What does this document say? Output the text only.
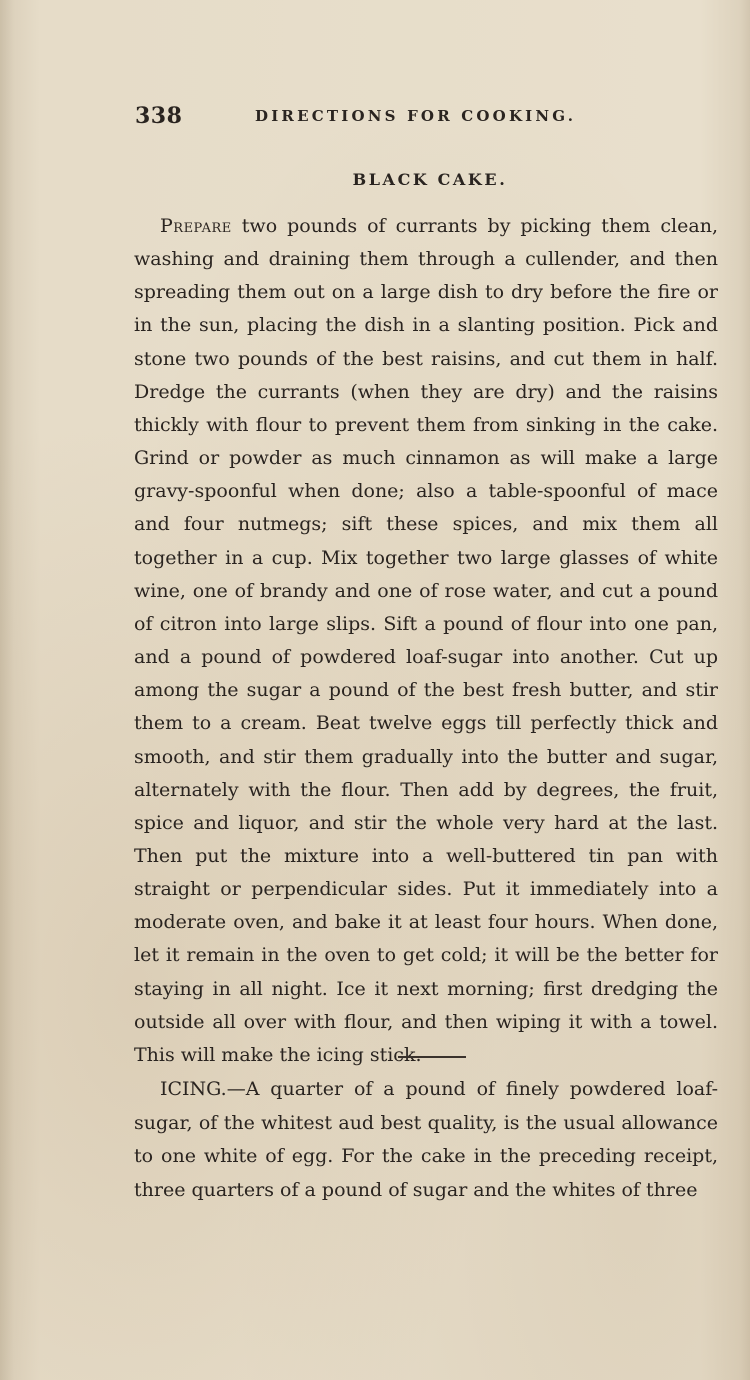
338	DIRECTIONS FOR COOKING.
BLACK CAKE.

Prepare two pounds of currants by picking them clean, washing and draining them through a cullender, and then spreading them out on a large dish to dry before the fire or in the sun, placing the dish in a slanting position. Pick and stone two pounds of the best raisins, and cut them in half. Dredge the currants (when they are dry) and the raisins thickly with flour to prevent them from sinking in the cake. Grind or powder as much cinnamon as will make a large gravy-spoonful when done; also a table-spoonful of mace and four nutmegs; sift these spices, and mix them all together in a cup. Mix together two large glasses of white wine, one of brandy and one of rose water, and cut a pound of citron into large slips. Sift a pound of flour into one pan, and a pound of powdered loaf-sugar into another. Cut up among the sugar a pound of the best fresh butter, and stir them to a cream. Beat twelve eggs till perfectly thick and smooth, and stir them gradually into the butter and sugar, alternately with the flour. Then add by degrees, the fruit, spice and liquor, and stir the whole very hard at the last. Then put the mixture into a well-buttered tin pan with straight or perpendicular sides. Put it immediately into a moderate oven, and bake it at least four hours. When done, let it remain in the oven to get cold; it will be the better for staying in all night. Ice it next morning; first dredging the outside all over with flour, and then wiping it with a towel. This will make the icing stick.

ICING.—A quarter of a pound of finely powdered loaf-sugar, of the whitest aud best quality, is the usual allowance to one white of egg. For the cake in the preceding receipt, three quarters of a pound of sugar and the whites of three
